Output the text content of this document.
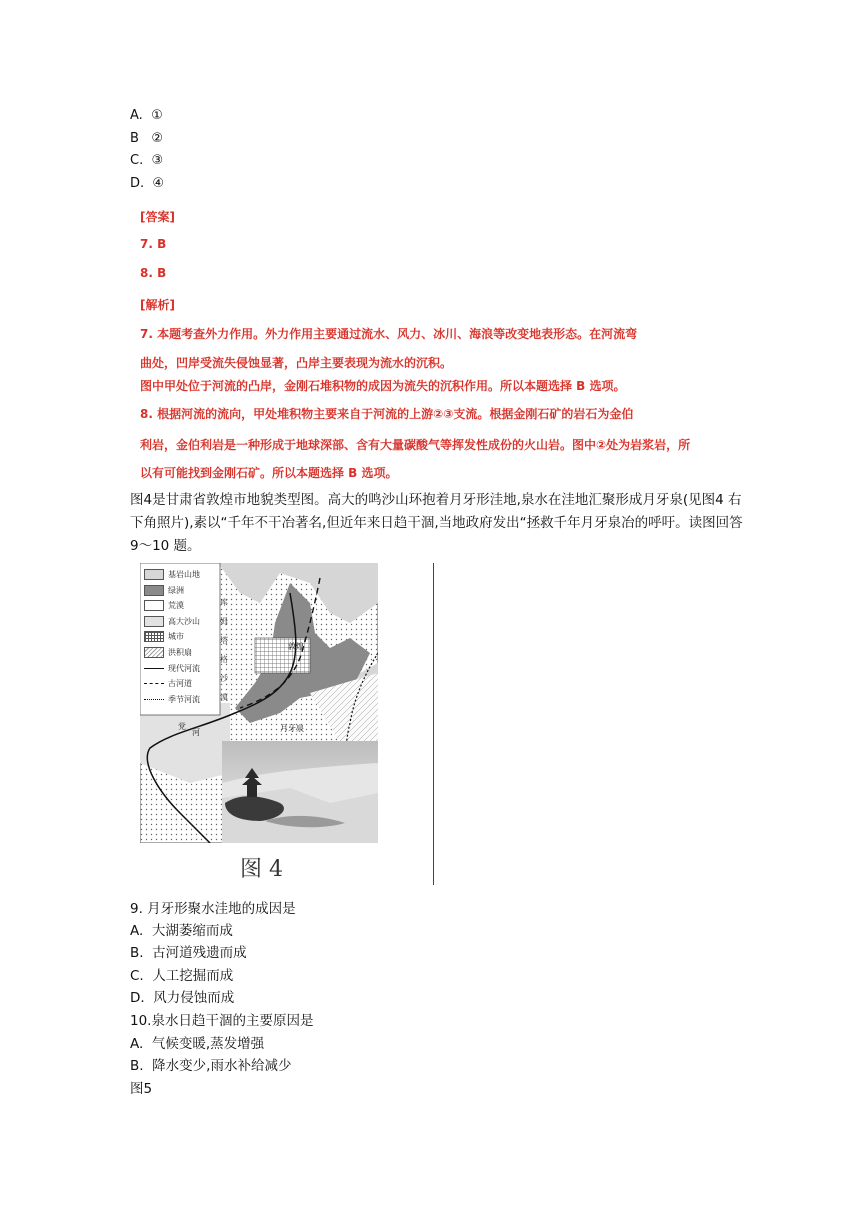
A. ①
B ②
C. ③
D. ④
[答案]
7. B
8. B
[解析]
7. 本题考查外力作用。外力作用主要通过流水、风力、冰川、海浪等改变地表形态。在河流弯
曲处，凹岸受流失侵蚀显著，凸岸主要表现为流水的沉积。
图中甲处位于河流的凸岸，金刚石堆积物的成因为流失的沉积作用。所以本题选择 B 选项。
8. 根据河流的流向，甲处堆积物主要来自于河流的上游②③支流。根据金刚石矿的岩石为金伯
利岩，金伯利岩是一种形成于地球深部、含有大量碳酸气等挥发性成份的火山岩。图中②处为岩浆岩，所
以有可能找到金刚石矿。所以本题选择 B 选项。
图4是甘肃省敦煌市地貌类型图。高大的鸣沙山环抱着月牙形洼地,泉水在洼地汇聚形成月牙泉(见图4 右下角照片),素以“千年不干冶著名,但近年来日趋干涸,当地政府发出“拯救千年月牙泉冶的呼吁。读图回答9～10 题。
基岩山地
绿洲
荒漠
高大沙山
城市
洪积扇
现代河流
古河道
季节河流
敦煌
月牙泉
库
姆
塔
格
沙
漠
党
河
图 4
9. 月牙形聚水洼地的成因是
A. 大湖萎缩而成
B. 古河道残遗而成
C. 人工挖掘而成
D. 风力侵蚀而成
10.泉水日趋干涸的主要原因是
A. 气候变暖,蒸发增强
B. 降水变少,雨水补给减少
图5
